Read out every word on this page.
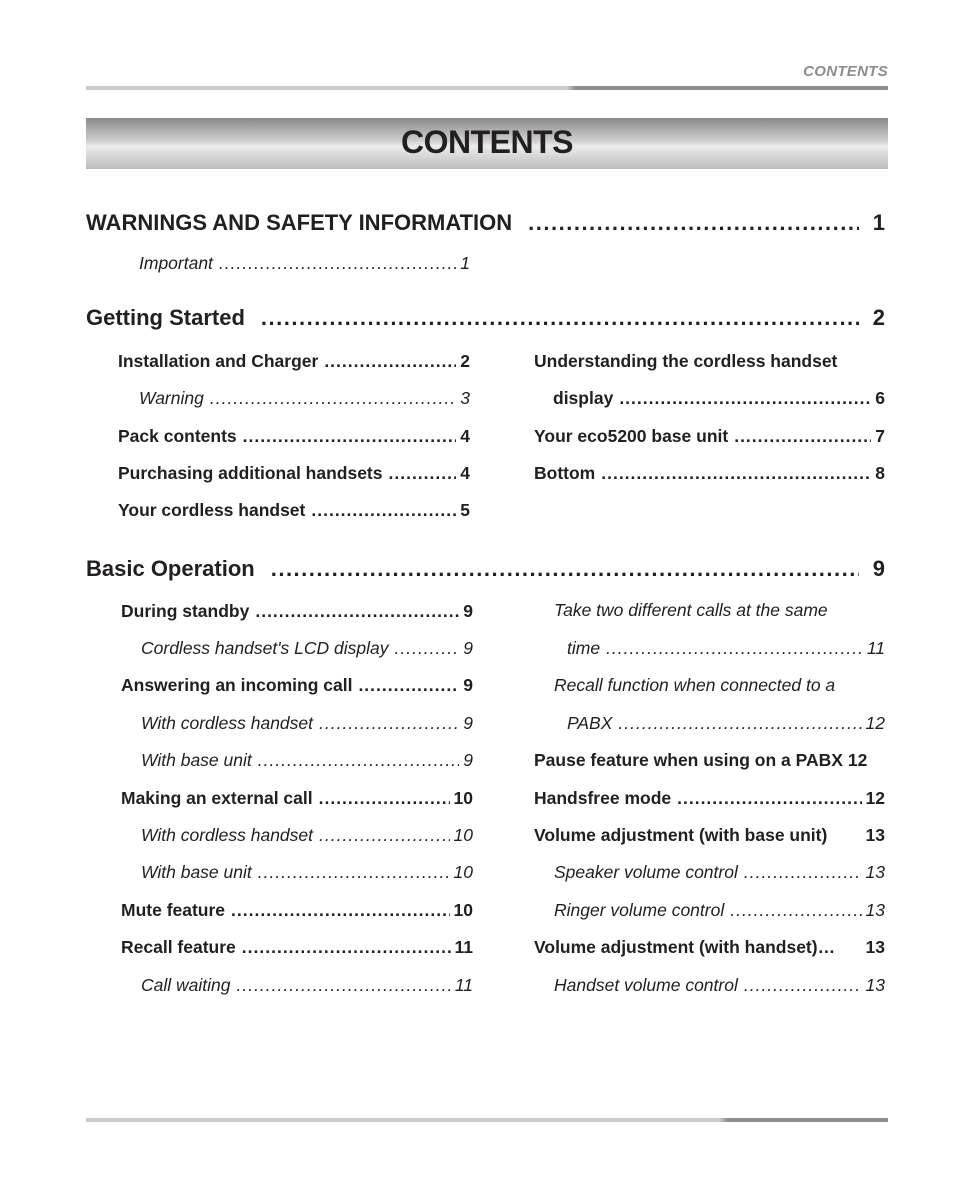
CONTENTS
CONTENTS
WARNINGS AND SAFETY INFORMATION .....	1
Important .....	1
Getting Started .....	2
Installation and Charger .....	2
Warning .....	3
Pack contents .....	4
Purchasing additional handsets .....	4
Your cordless handset .....	5
Understanding the cordless handset
display .....	6
Your eco5200 base unit .....	7
Bottom .....	8
Basic Operation .....	9
During standby .....	9
Cordless handset's LCD display .....	9
Answering an incoming call .....	9
With cordless handset .....	9
With base unit .....	9
Making an external call .....	10
With cordless handset .....	10
With base unit .....	10
Mute feature .....	10
Recall feature .....	11
Call waiting .....	11
Take two different calls at the same
time .....	11
Recall function when connected to a
PABX .....	12
Pause feature when using on a PABX 12
Handsfree mode .....	12
Volume adjustment (with base unit) 13
Speaker volume control .....	13
Ringer volume control .....	13
Volume adjustment (with handset)… 13
Handset volume control .....	13
